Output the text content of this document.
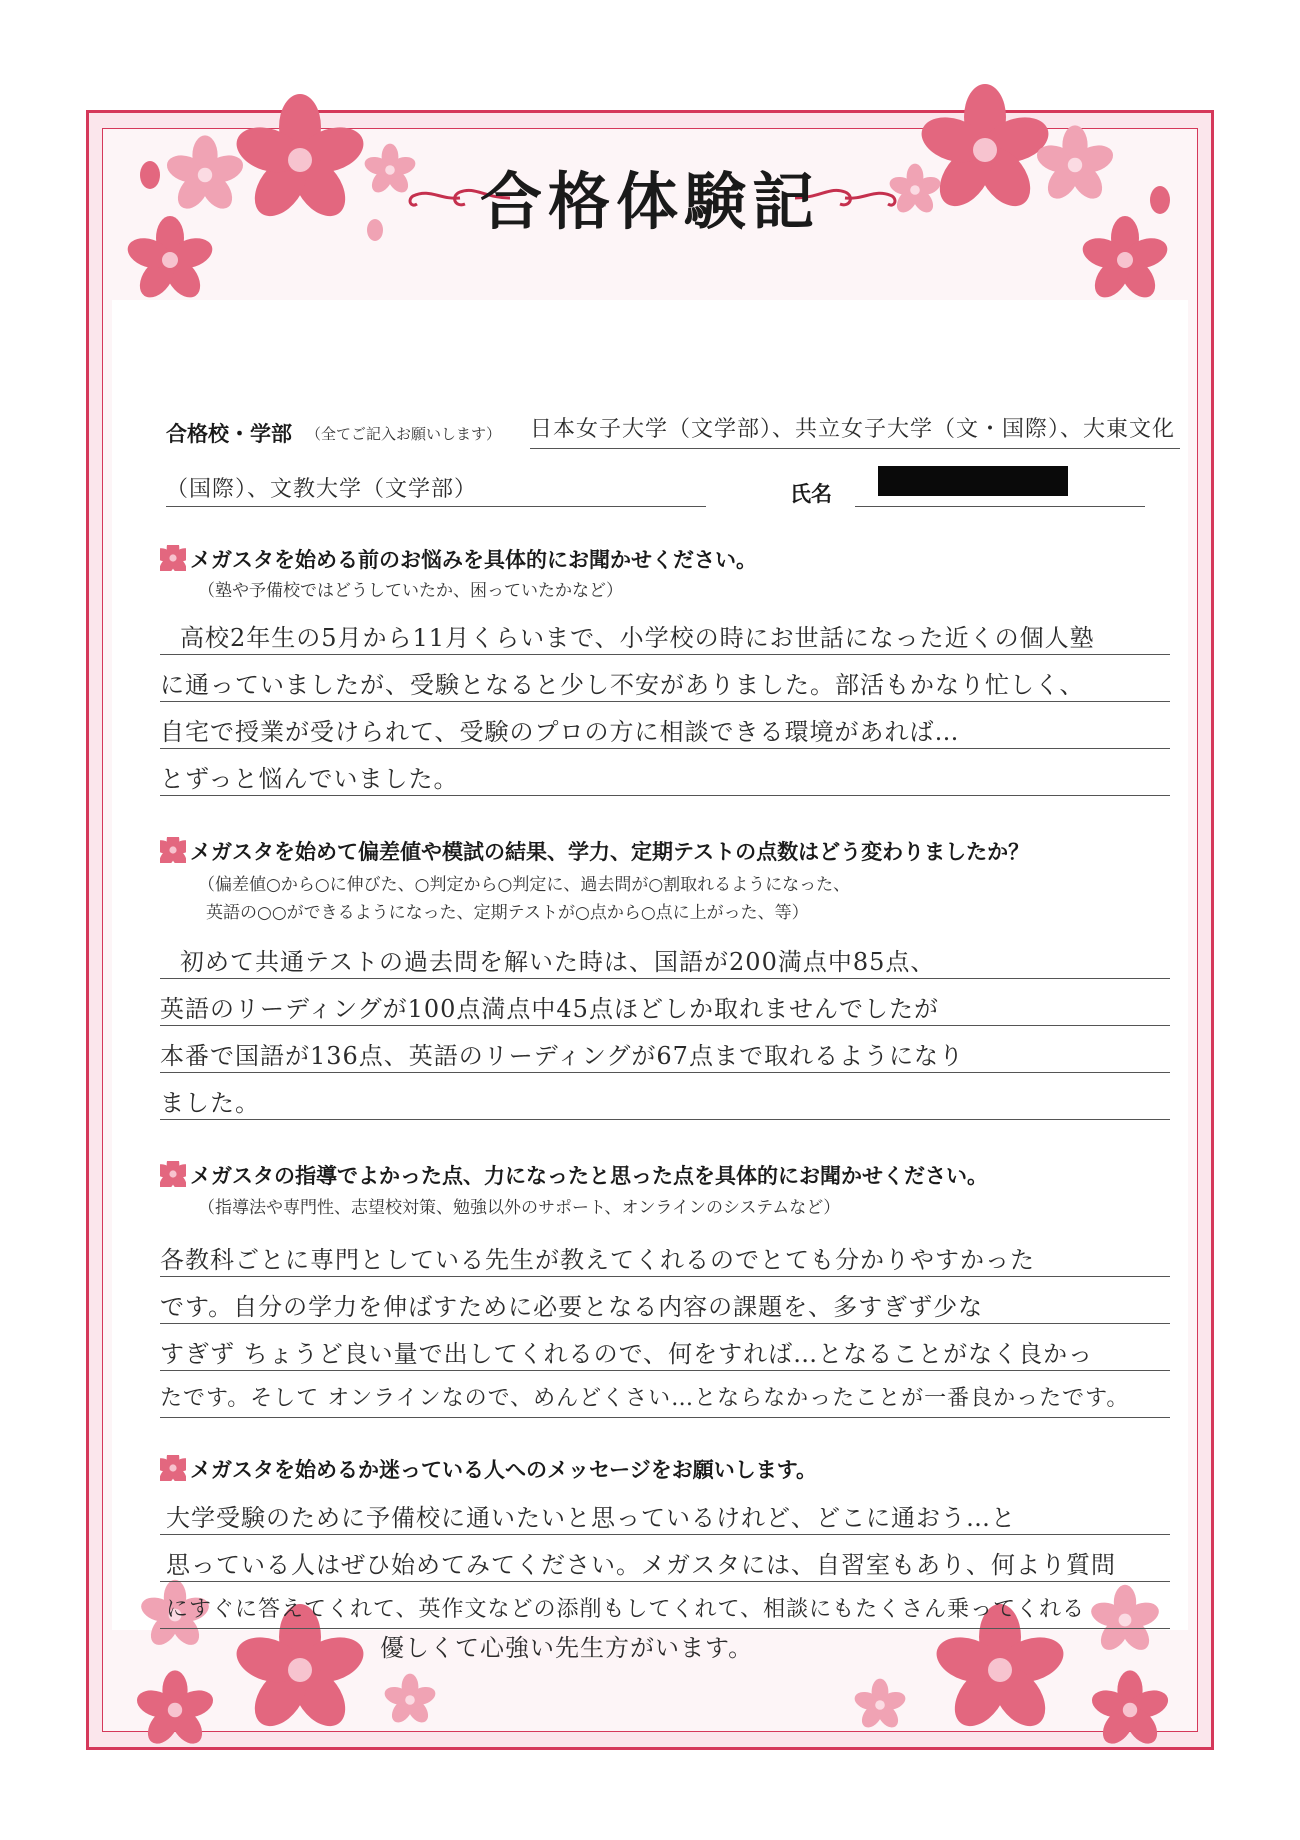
合格体験記
合格校・学部 （全てご記入お願いします） 日本女子大学（文学部）、共立女子大学（文・国際）、大東文化
（国際）、文教大学（文学部）	氏名
メガスタを始める前のお悩みを具体的にお聞かせください。
（塾や予備校ではどうしていたか、困っていたかなど）
高校2年生の5月から11月くらいまで、小学校の時にお世話になった近くの個人塾
に通っていましたが、受験となると少し不安がありました。部活もかなり忙しく、
自宅で授業が受けられて、受験のプロの方に相談できる環境があれば…
とずっと悩んでいました。
メガスタを始めて偏差値や模試の結果、学力、定期テストの点数はどう変わりましたか？
（偏差値○から○に伸びた、○判定から○判定に、過去問が○割取れるようになった、
英語の○○ができるようになった、定期テストが○点から○点に上がった、等）
初めて共通テストの過去問を解いた時は、国語が200満点中85点、
英語のリーディングが100点満点中45点ほどしか取れませんでしたが
本番で国語が136点、英語のリーディングが67点まで取れるようになり
ました。
メガスタの指導でよかった点、力になったと思った点を具体的にお聞かせください。
（指導法や専門性、志望校対策、勉強以外のサポート、オンラインのシステムなど）
各教科ごとに専門としている先生が教えてくれるのでとても分かりやすかった
です。自分の学力を伸ばすために必要となる内容の課題を、多すぎず少な
すぎず ちょうど良い量で出してくれるので、何をすれば…となることがなく良かっ
たです。そして オンラインなので、めんどくさい…とならなかったことが一番良かったです。
メガスタを始めるか迷っている人へのメッセージをお願いします。
大学受験のために予備校に通いたいと思っているけれど、どこに通おう…と
思っている人はぜひ始めてみてください。メガスタには、自習室もあり、何より質問
にすぐに答えてくれて、英作文などの添削もしてくれて、相談にもたくさん乗ってくれる
優しくて心強い先生方がいます。
